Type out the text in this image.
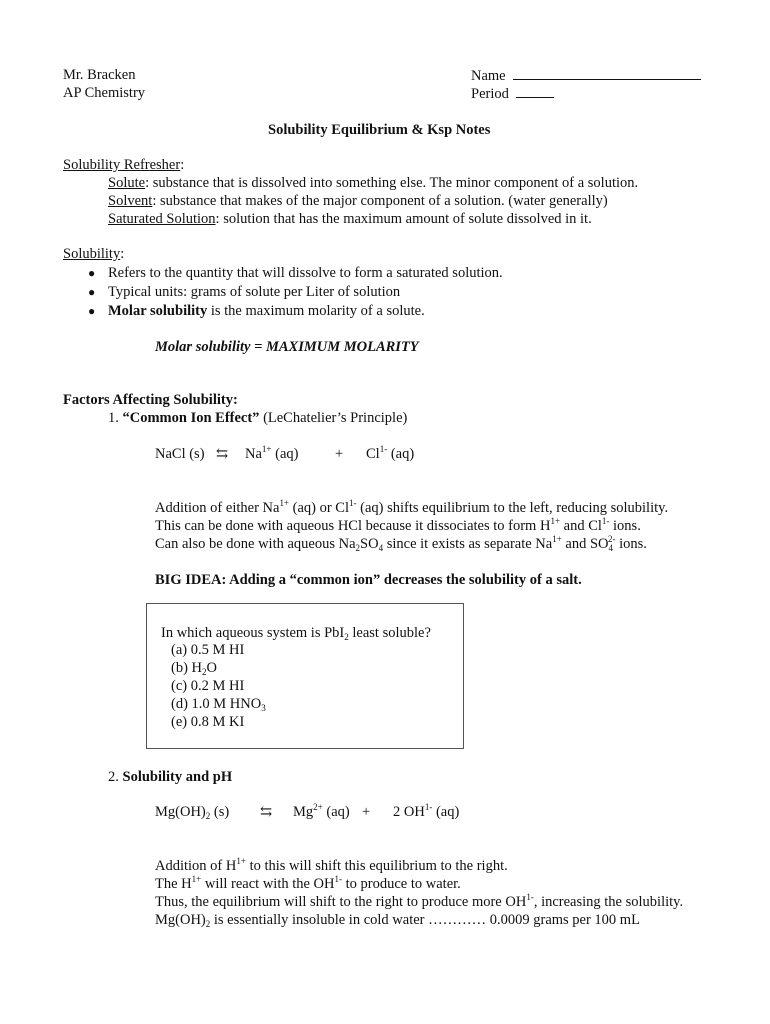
Mr. Bracken
AP Chemistry
Name
Period
Solubility Equilibrium & Ksp Notes
Solubility Refresher:
Solute: substance that is dissolved into something else. The minor component of a solution.
Solvent: substance that makes of the major component of a solution. (water generally)
Saturated Solution: solution that has the maximum amount of solute dissolved in it.
Solubility:
● Refers to the quantity that will dissolve to form a saturated solution.
● Typical units: grams of solute per Liter of solution
● Molar solubility is the maximum molarity of a solute.
Molar solubility = MAXIMUM MOLARITY
Factors Affecting Solubility:
1. “Common Ion Effect” (LeChatelier’s Principle)
NaCl (s) ⇆ $Na^{1+}$ (aq)	+ $Cl^{1-}$ (aq)
Addition of either $Na^{1+}$ (aq) or $Cl^{1-}$ (aq) shifts equilibrium to the left, reducing solubility.
This can be done with aqueous HCl because it dissociates to form $H^{1+}$ and $Cl^{1-}$ ions.
Can also be done with aqueous $Na_2SO_4$ since it exists as separate $Na^{1+}$ and $SO_4^{2-}$ ions.
BIG IDEA: Adding a “common ion” decreases the solubility of a salt.
In which aqueous system is PbI$_2$ least soluble?
(a) 0.5 M HI
(b) $H_2O$
(c) 0.2 M HI
(d) 1.0 M $HNO_3$
(e) 0.8 M KI
2. Solubility and pH
$Mg(OH)_2$ (s) ⇆ $Mg^{2+}$ (aq) + 2 $OH^{1-}$ (aq)
Addition of $H^{1+}$ to this will shift this equilibrium to the right.
The $H^{1+}$ will react with the $OH^{1-}$ to produce to water.
Thus, the equilibrium will shift to the right to produce more $OH^{1-}$, increasing the solubility.
$Mg(OH)_2$ is essentially insoluble in cold water ………… 0.0009 grams per 100 mL
